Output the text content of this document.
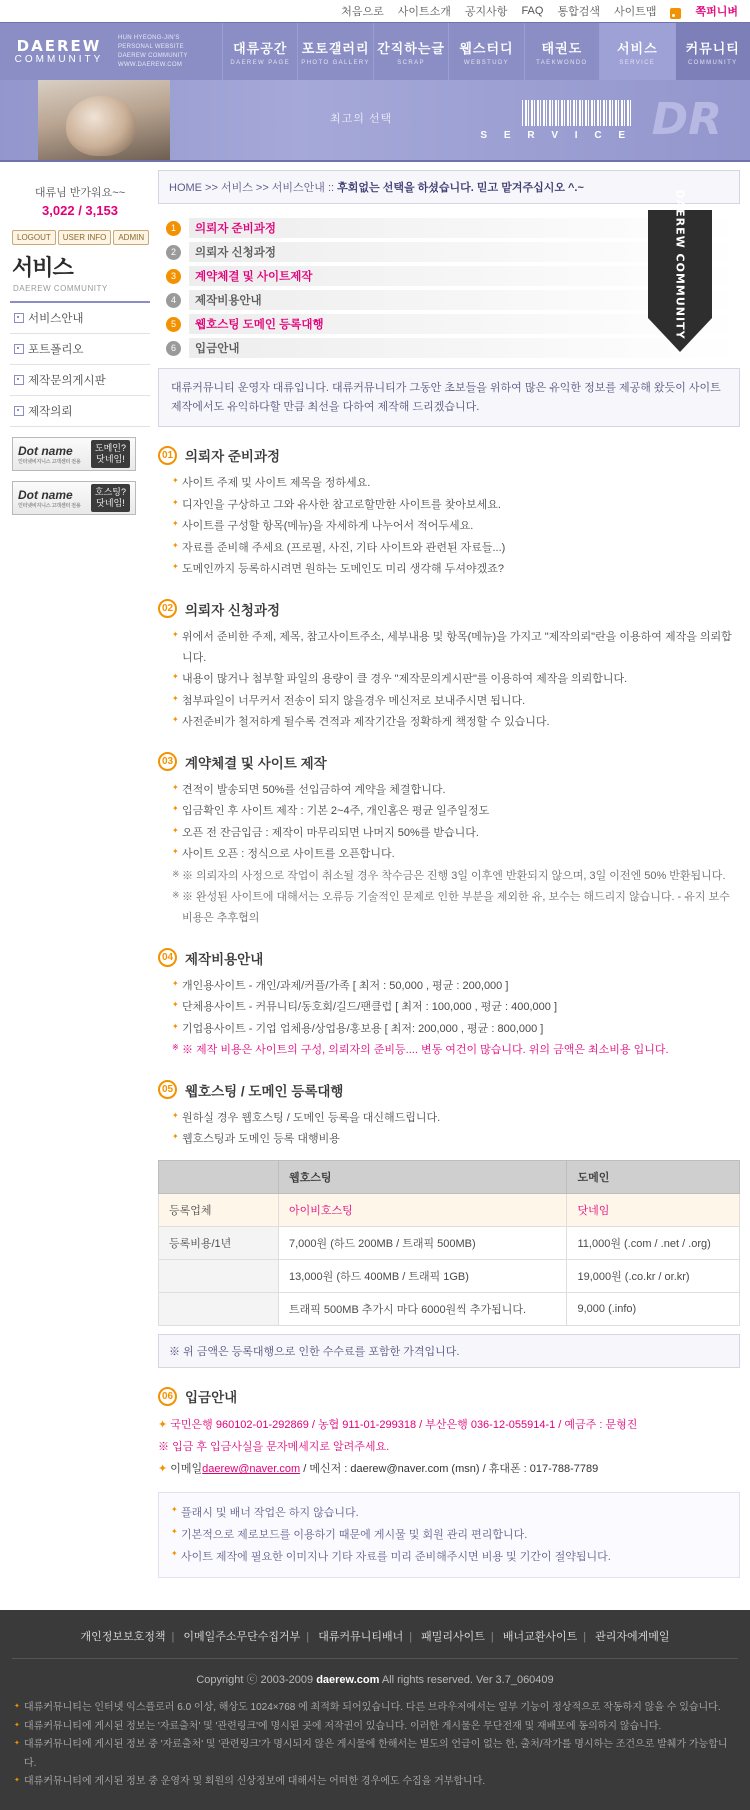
처음으로 사이트소개 공지사항 FAQ 통합검색 사이트맵	쪽퍼니벼
DAEREW
COMMUNITY
HUN HYEONG-JIN'S
PERSONAL WEBSITE
DAEREW COMMUNITY
WWW.DAEREW.COM
대류공간
DAEREW PAGE
포토갤러리
PHOTO GALLERY
간직하는글
SCRAP
웹스터디
WEBSTUDY
태권도
TAEKWONDO
서비스
SERVICE
커뮤니티
COMMUNITY
최고의 선택
S E R V I C E DR
대류님 반가워요~~
3,022 / 3,153
LOGOUT	USER INFO	ADMIN
서비스
DAEREW COMMUNITY
서비스안내
포트폴리오
제작문의게시판
제작의뢰
Dot name
인터넷비지니스 고객센터 전용
도메인?
닷네임!
Dot name
인터넷비지니스 고객센터 전용
호스팅?
닷네임!
HOME >> 서비스 >> 서비스안내 :: 후회없는 선택을 하셨습니다. 믿고 맡겨주십시오 ^.~
1	의뢰자 준비과정
2	의뢰자 신청과정
3	계약체결 및 사이트제작
4	제작비용안내
5	웹호스팅 도메인 등록대행
6	입금안내
DAEREW COMMUNITY
대류커뮤니티 운영자 대류입니다. 대류커뮤니티가 그동안 초보들을 위하여 많은 유익한 정보를 제공해 왔듯이 사이트 제작에서도 유익하다할 만큼 최선을 다하여 제작해 드리겠습니다.
01 의뢰자 준비과정
✦ 사이트 주제 및 사이트 제목을 정하세요.
✦ 디자인을 구상하고 그와 유사한 참고로할만한 사이트를 찾아보세요.
✦ 사이트를 구성할 항목(메뉴)을 자세하게 나누어서 적어두세요.
✦ 자료를 준비해 주세요 (프로필, 사진, 기타 사이트와 관련된 자료들...)
✦ 도메인까지 등록하시려면 원하는 도메인도 미리 생각해 두셔야겠죠?
02 의뢰자 신청과정
✦ 위에서 준비한 주제, 제목, 참고사이트주소, 세부내용 및 항목(메뉴)을 가지고 "제작의뢰"란을 이용하여 제작을 의뢰합니다.
✦ 내용이 많거나 첨부할 파일의 용량이 클 경우 "제작문의게시판"를 이용하여 제작을 의뢰합니다.
✦ 첨부파일이 너무커서 전송이 되지 않을경우 메신저로 보내주시면 됩니다.
✦ 사전준비가 철저하게 될수록 견적과 제작기간을 정확하게 책정할 수 있습니다.
03 계약체결 및 사이트 제작
✦ 견적이 발송되면 50%를 선입금하여 계약을 체결합니다.
✦ 입금확인 후 사이트 제작 : 기본 2~4주, 개인홈은 평균 일주일정도
✦ 오픈 전 잔금입금 : 제작이 마무리되면 나머지 50%를 받습니다.
✦ 사이트 오픈 : 정식으로 사이트를 오픈합니다.
※ ※ 의뢰자의 사정으로 작업이 취소될 경우 착수금은 진행 3일 이후엔 반환되지 않으며, 3일 이전엔 50% 반환됩니다.
※ ※ 완성된 사이트에 대해서는 오류등 기술적인 문제로 인한 부분을 제외한 유, 보수는 해드리지 않습니다. - 유지 보수비용은 추후협의
04 제작비용안내
✦ 개인용사이트 - 개인/과제/커플/가족 [ 최저 : 50,000 , 평균 : 200,000 ]
✦ 단체용사이트 - 커뮤니티/동호회/길드/팬클럽 [ 최저 : 100,000 , 평균 : 400,000 ]
✦ 기업용사이트 - 기업 업체용/상업용/홍보용 [ 최저: 200,000 , 평균 : 800,000 ]
※ ※ 제작 비용은 사이트의 구성, 의뢰자의 준비등.... 변동 여건이 많습니다. 위의 금액은 최소비용 입니다.
05 웹호스팅 / 도메인 등록대행
✦ 원하실 경우 웹호스팅 / 도메인 등록을 대신해드립니다.
✦ 웹호스팅과 도메인 등록 대행비용
	웹호스팅	도메인
등록업체	아이비호스팅	닷네임
등록비용/1년	7,000원 (하드 200MB / 트래픽 500MB)	11,000원 (.com / .net / .org)
	13,000원 (하드 400MB / 트래픽 1GB)	19,000원 (.co.kr / or.kr)
	트래픽 500MB 추가시 마다 6000원씩 추가됩니다.	9,000 (.info)
※ 위 금액은 등록대행으로 인한 수수료를 포함한 가격입니다.
06 입금안내
✦ 국민은행 960102-01-292869 / 농협 911-01-299318 / 부산은행 036-12-055914-1 / 예금주 : 문형진
※ 입금 후 입금사실을 문자메세지로 알려주세요.
✦ 이메일daerew@naver.com / 메신저 : daerew@naver.com (msn) / 휴대폰 : 017-788-7789
✦ 플래시 및 배너 작업은 하지 않습니다.
✦ 기본적으로 제로보드를 이용하기 때문에 게시물 및 회원 관리 편리합니다.
✦ 사이트 제작에 필요한 이미지나 기타 자료를 미리 준비해주시면 비용 및 기간이 절약됩니다.
개인정보보호정책 | 이메일주소무단수집거부 | 대류커뮤니티배너 | 패밀리사이트 | 배너교환사이트 | 관리자에게메일
Copyright ⓒ 2003-2009 daerew.com All rights reserved. Ver 3.7_060409
✦ 대류커뮤니티는 인터넷 익스플로러 6.0 이상, 해상도 1024×768 에 최적화 되어있습니다. 다른 브라우저에서는 일부 기능이 정상적으로 작동하지 않을 수 있습니다.
✦ 대류커뮤니티에 게시된 정보는 '자료출처' 및 '관련링크'에 명시된 곳에 저작권이 있습니다. 이러한 게시물은 무단전재 및 재배포에 동의하지 않습니다.
✦ 대류커뮤니티에 게시된 정보 중 '자료출처' 및 '관련링크'가 명시되지 않은 게시물에 한해서는 별도의 언급이 없는 한, 출처/작가를 명시하는 조건으로 발췌가 가능합니다.
✦ 대류커뮤니티에 게시된 정보 중 운영자 및 회원의 신상정보에 대해서는 어떠한 경우에도 수집을 거부합니다.
